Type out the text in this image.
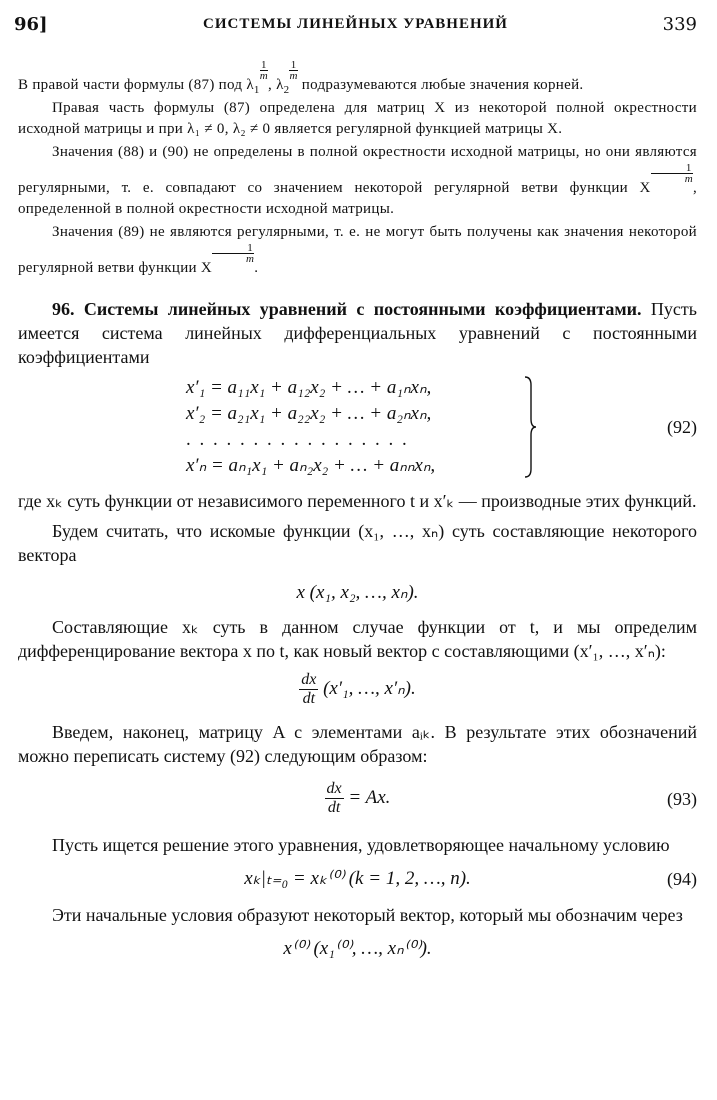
96]	СИСТЕМЫ ЛИНЕЙНЫХ УРАВНЕНИЙ	339

В правой части формулы (87) под $\lambda_1$
$\frac{1}{m}$
, $\lambda_2$
$\frac{1}{m}$
подразумеваются любые значения корней.

Правая часть формулы (87) определена для матриц X из некоторой полной окрестности исходной матрицы и при λ₁ ≠ 0, λ₂ ≠ 0 является регулярной функцией матрицы X.

Значения (88) и (90) не определены в полной окрестности исходной матрицы, но они являются регулярными, т. е. совпадают со значением некоторой регулярной ветви функции X
$\frac{1}{m}$
, определенной в полной окрестности исходной матрицы.

Значения (89) не являются регулярными, т. е. не могут быть получены как значения некоторой регулярной ветви функции X
$\frac{1}{m}$
.

96. Системы линейных уравнений с постоянными коэффициентами. Пусть имеется система линейных дифференциальных уравнений с постоянными коэффициентами

x′₁ = a₁₁x₁ + a₁₂x₂ + … + a₁ₙxₙ,
x′₂ = a₂₁x₁ + a₂₂x₂ + … + a₂ₙxₙ,
. . . . . . . . . . . . . . . . .
x′ₙ = aₙ₁x₁ + aₙ₂x₂ + … + aₙₙxₙ,
(92)

где xₖ суть функции от независимого переменного t и x′ₖ — производные этих функций.

Будем считать, что искомые функции (x₁, …, xₙ) суть составляющие некоторого вектора

x (x₁, x₂, …, xₙ).

Составляющие xₖ суть в данном случае функции от t, и мы определим дифференцирование вектора x по t, как новый вектор с составляющими (x′₁, …, x′ₙ):

$\frac{dx}{dt} (x'_1$, …, x′ₙ).

Введем, наконец, матрицу A с элементами aᵢₖ. В результате этих обозначений можно переписать систему (92) следующим образом:

$\frac{dx}{dt} = Ax$.	(93)

Пусть ищется решение этого уравнения, удовлетворяющее начальному условию

xₖ|ₜ₌₀ = xₖ⁽⁰⁾ (k = 1, 2, …, n).	(94)

Эти начальные условия образуют некоторый вектор, который мы обозначим через

x⁽⁰⁾ (x₁⁽⁰⁾, …, xₙ⁽⁰⁾).
